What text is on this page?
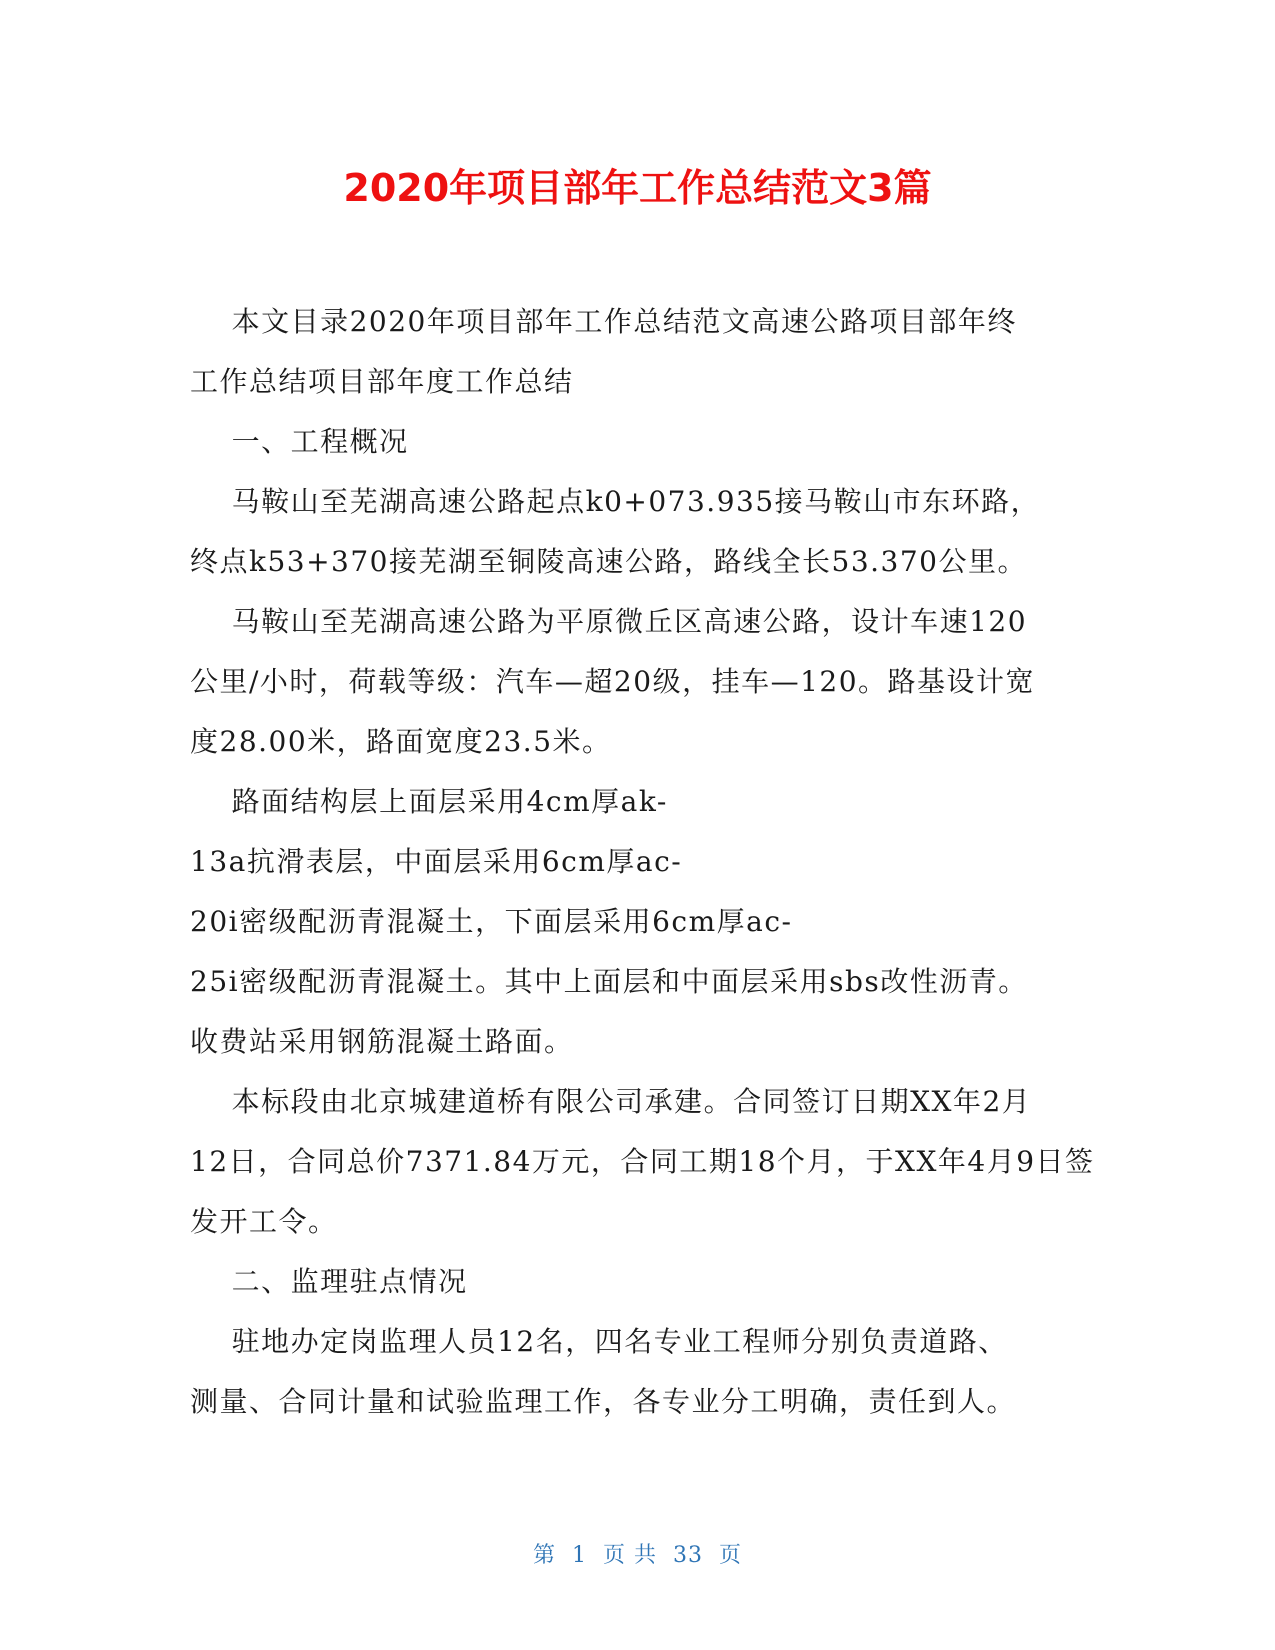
2020年项目部年工作总结范文3篇

本文目录2020年项目部年工作总结范文高速公路项目部年终

工作总结项目部年度工作总结

一、工程概况

马鞍山至芜湖高速公路起点k0+073.935接马鞍山市东环路，

终点k53+370接芜湖至铜陵高速公路，路线全长53.370公里。

马鞍山至芜湖高速公路为平原微丘区高速公路，设计车速120

公里/小时，荷载等级：汽车—超20级，挂车—120。路基设计宽

度28.00米，路面宽度23.5米。

路面结构层上面层采用4cm厚ak-

13a抗滑表层，中面层采用6cm厚ac-

20i密级配沥青混凝土，下面层采用6cm厚ac-

25i密级配沥青混凝土。其中上面层和中面层采用sbs改性沥青。

收费站采用钢筋混凝土路面。

本标段由北京城建道桥有限公司承建。合同签订日期XX年2月

12日，合同总价7371.84万元，合同工期18个月，于XX年4月9日签

发开工令。

二、监理驻点情况

驻地办定岗监理人员12名，四名专业工程师分别负责道路、

测量、合同计量和试验监理工作，各专业分工明确，责任到人。

第 1 页 共 33 页
